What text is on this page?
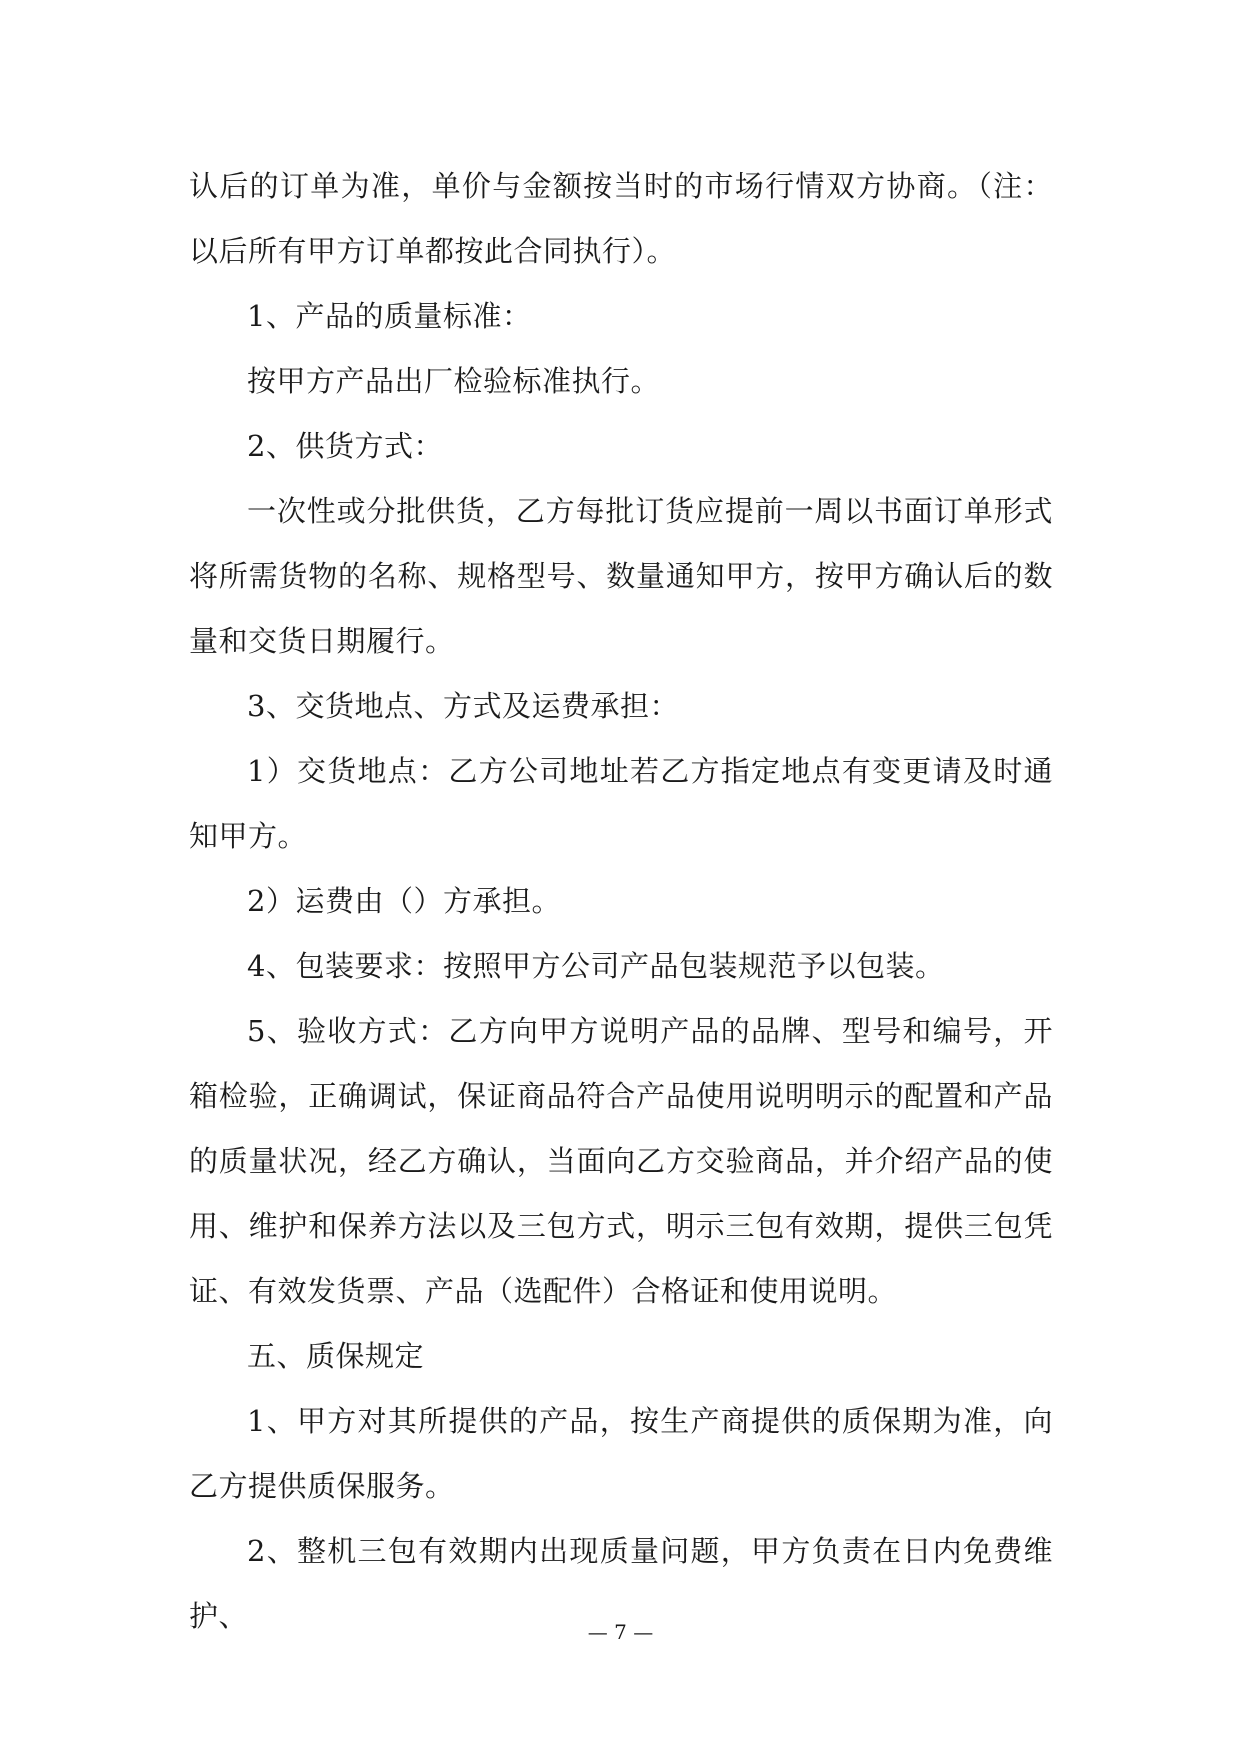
认后的订单为准，单价与金额按当时的市场行情双方协商。（注：以后所有甲方订单都按此合同执行）。

1、产品的质量标准：

按甲方产品出厂检验标准执行。

2、供货方式：

一次性或分批供货，乙方每批订货应提前一周以书面订单形式将所需货物的名称、规格型号、数量通知甲方，按甲方确认后的数量和交货日期履行。

3、交货地点、方式及运费承担：

1）交货地点：乙方公司地址若乙方指定地点有变更请及时通知甲方。

2）运费由（）方承担。

4、包装要求：按照甲方公司产品包装规范予以包装。

5、验收方式：乙方向甲方说明产品的品牌、型号和编号，开箱检验，正确调试，保证商品符合产品使用说明明示的配置和产品的质量状况，经乙方确认，当面向乙方交验商品，并介绍产品的使用、维护和保养方法以及三包方式，明示三包有效期，提供三包凭证、有效发货票、产品（选配件）合格证和使用说明。

五、质保规定

1、甲方对其所提供的产品，按生产商提供的质保期为准，向乙方提供质保服务。

2、整机三包有效期内出现质量问题，甲方负责在日内免费维护、	— 7 —
